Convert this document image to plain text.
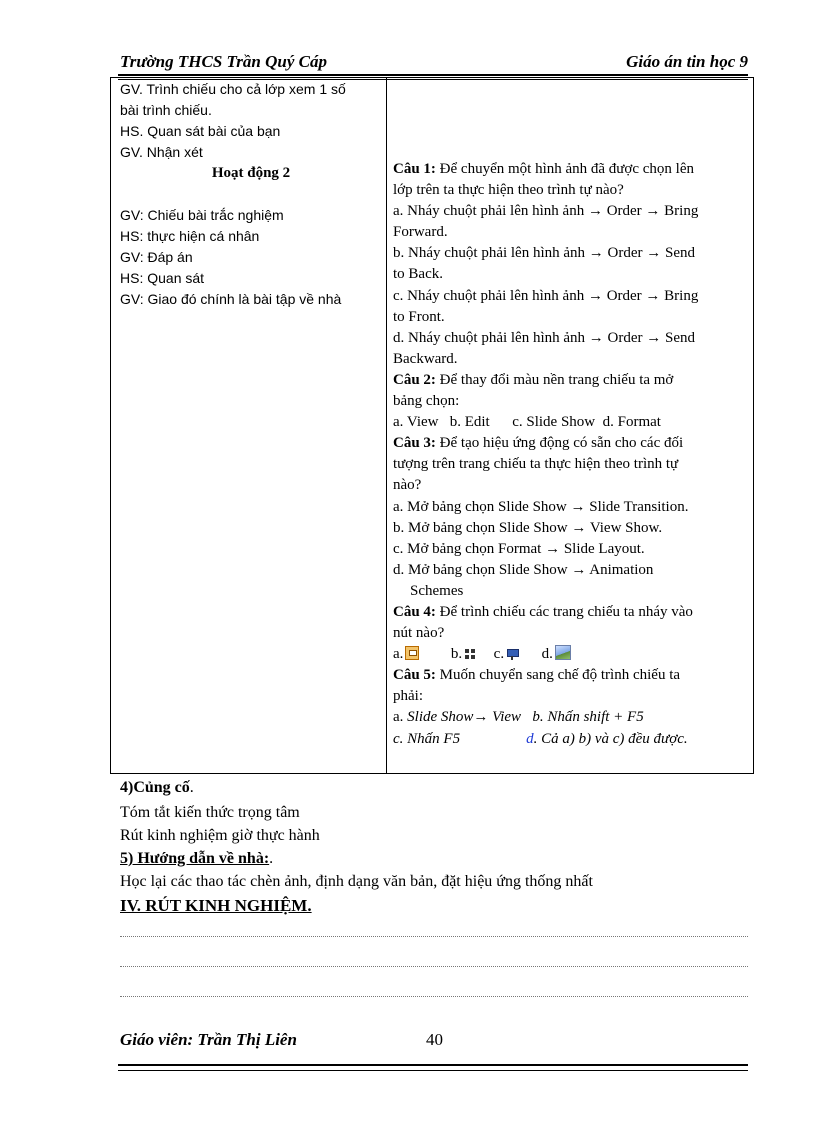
Trường THCS Trần Quý Cáp	Giáo án tin học 9
GV. Trình chiếu cho cả lớp xem 1 số
bài trình chiếu.
HS. Quan sát bài của bạn
GV. Nhận xét
Hoạt động 2
GV: Chiếu bài trắc nghiệm
HS: thực hiện cá nhân
GV: Đáp án
HS: Quan sát
GV: Giao đó chính là bài tập về nhà
Câu 1: Để chuyển một hình ảnh đã được chọn lên
lớp trên ta thực hiện theo trình tự nào?
a. Nháy chuột phải lên hình ảnh → Order → Bring
Forward.
b. Nháy chuột phải lên hình ảnh → Order → Send
to Back.
c. Nháy chuột phải lên hình ảnh → Order → Bring
to Front.
d. Nháy chuột phải lên hình ảnh → Order → Send
Backward.
Câu 2: Để thay đổi màu nền trang chiếu ta mở
bảng chọn:
a. View   b. Edit      c. Slide Show  d. Format
Câu 3: Để tạo hiệu ứng động có sẵn cho các đối
tượng trên trang chiếu ta thực hiện theo trình tự
nào?
a. Mở bảng chọn Slide Show → Slide Transition.
b. Mở bảng chọn Slide Show → View Show.
c. Mở bảng chọn Format → Slide Layout.
d. Mở bảng chọn Slide Show → Animation
Schemes
Câu 4: Để trình chiếu các trang chiếu ta nháy vào
nút nào?
a.	b. c.	d.
Câu 5: Muốn chuyển sang chế độ trình chiếu ta
phải:
a. Slide Show→ View   b. Nhấn shift + F5
c. Nhấn F5	d. Cả a) b) và c) đều được.
4)Củng cố.
Tóm tắt kiến thức trọng tâm
Rút kinh nghiệm giờ thực hành
5) Hướng dẫn về nhà:.
Học lại các thao tác chèn ảnh, định dạng văn bản, đặt hiệu ứng thống nhất
IV. RÚT KINH NGHIỆM.
Giáo viên: Trần Thị Liên	40
